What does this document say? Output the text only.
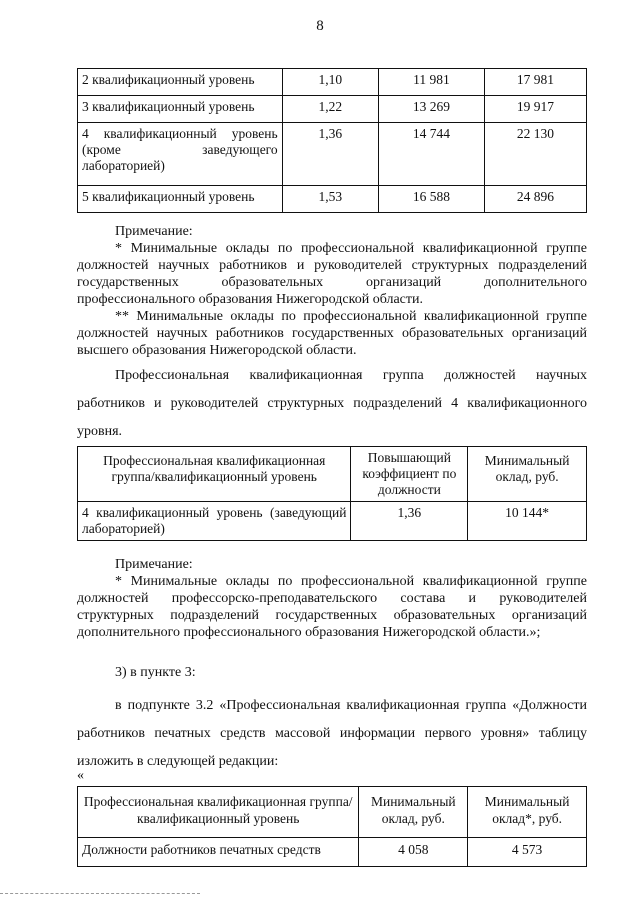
8
2 квалификационный уровень	1,10	11 981	17 981
3 квалификационный уровень	1,22	13 269	19 917
4 квалификационный уровень (кроме заведующего лабораторией)	1,36	14 744	22 130
5 квалификационный уровень	1,53	16 588	24 896
Примечание:
* Минимальные оклады по профессиональной квалификационной группе должностей научных работников и руководителей структурных подразделений государственных образовательных организаций дополнительного профессионального образования Нижегородской области.
** Минимальные оклады по профессиональной квалификационной группе должностей научных работников государственных образовательных организаций высшего образования Нижегородской области.
Профессиональная квалификационная группа должностей научных работников и руководителей структурных подразделений 4 квалификационного уровня.
Профессиональная квалификационная группа/квалификационный уровень	Повышающий коэффициент по должности	Минимальный оклад, руб.
4 квалификационный уровень (заведующий лабораторией)	1,36	10 144*
Примечание:
* Минимальные оклады по профессиональной квалификационной группе должностей профессорско-преподавательского состава и руководителей структурных подразделений государственных образовательных организаций дополнительного профессионального образования Нижегородской области.»;
3) в пункте 3:
в подпункте 3.2 «Профессиональная квалификационная группа «Должности работников печатных средств массовой информации первого уровня» таблицу изложить в следующей редакции:
«
Профессиональная квалификационная группа/квалификационный уровень	Минимальный оклад, руб.	Минимальный оклад*, руб.
Должности работников печатных средств	4 058	4 573
